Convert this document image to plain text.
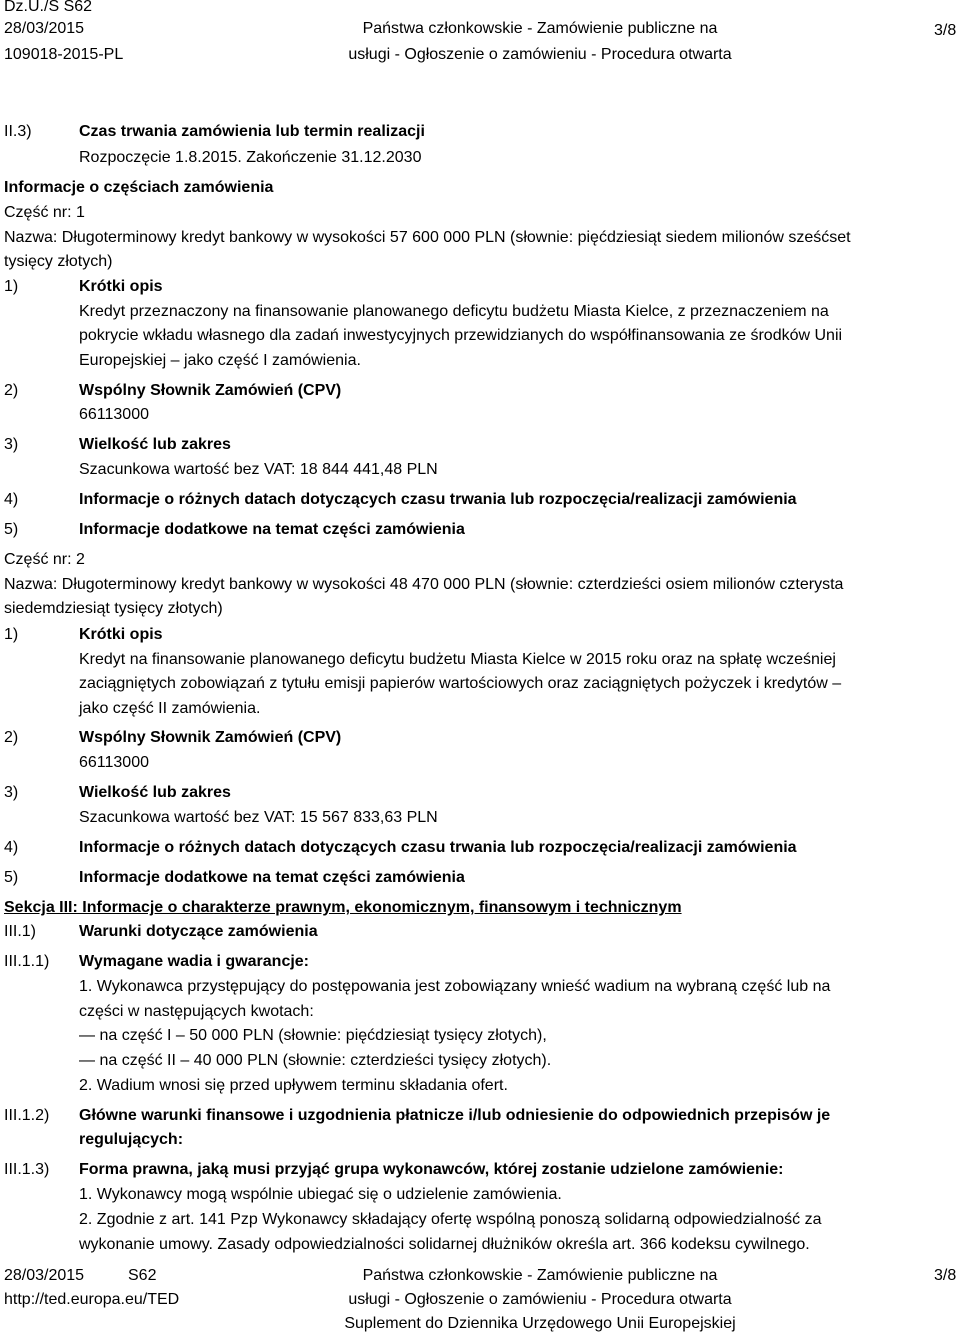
Dz.U./S S62
28/03/2015
109018-2015-PL
Państwa członkowskie - Zamówienie publiczne na
usługi - Ogłoszenie o zamówieniu - Procedura otwarta
3/8
II.3)	Czas trwania zamówienia lub termin realizacji
Rozpoczęcie 1.8.2015. Zakończenie 31.12.2030
Informacje o częściach zamówienia
Część nr: 1
Nazwa: Długoterminowy kredyt bankowy w wysokości 57 600 000 PLN (słownie: pięćdziesiąt siedem milionów sześćset
tysięcy złotych)
1)	Krótki opis
Kredyt przeznaczony na finansowanie planowanego deficytu budżetu Miasta Kielce, z przeznaczeniem na
pokrycie wkładu własnego dla zadań inwestycyjnych przewidzianych do współfinansowania ze środków Unii
Europejskiej – jako część I zamówienia.
2)	Wspólny Słownik Zamówień (CPV)
66113000
3)	Wielkość lub zakres
Szacunkowa wartość bez VAT: 18 844 441,48 PLN
4)	Informacje o różnych datach dotyczących czasu trwania lub rozpoczęcia/realizacji zamówienia
5)	Informacje dodatkowe na temat części zamówienia
Część nr: 2
Nazwa: Długoterminowy kredyt bankowy w wysokości 48 470 000 PLN (słownie: czterdzieści osiem milionów czterysta
siedemdziesiąt tysięcy złotych)
1)	Krótki opis
Kredyt na finansowanie planowanego deficytu budżetu Miasta Kielce w 2015 roku oraz na spłatę wcześniej
zaciągniętych zobowiązań z tytułu emisji papierów wartościowych oraz zaciągniętych pożyczek i kredytów –
jako część II zamówienia.
2)	Wspólny Słownik Zamówień (CPV)
66113000
3)	Wielkość lub zakres
Szacunkowa wartość bez VAT: 15 567 833,63 PLN
4)	Informacje o różnych datach dotyczących czasu trwania lub rozpoczęcia/realizacji zamówienia
5)	Informacje dodatkowe na temat części zamówienia
Sekcja III: Informacje o charakterze prawnym, ekonomicznym, finansowym i technicznym
III.1)	Warunki dotyczące zamówienia
III.1.1) Wymagane wadia i gwarancje:
1. Wykonawca przystępujący do postępowania jest zobowiązany wnieść wadium na wybraną część lub na
części w następujących kwotach:
— na część I – 50 000 PLN (słownie: pięćdziesiąt tysięcy złotych),
— na część II – 40 000 PLN (słownie: czterdzieści tysięcy złotych).
2. Wadium wnosi się przed upływem terminu składania ofert.
III.1.2) Główne warunki finansowe i uzgodnienia płatnicze i/lub odniesienie do odpowiednich przepisów je
regulujących:
III.1.3) Forma prawna, jaką musi przyjąć grupa wykonawców, której zostanie udzielone zamówienie:
1. Wykonawcy mogą wspólnie ubiegać się o udzielenie zamówienia.
2. Zgodnie z art. 141 Pzp Wykonawcy składający ofertę wspólną ponoszą solidarną odpowiedzialność za
wykonanie umowy. Zasady odpowiedzialności solidarnej dłużników określa art. 366 kodeksu cywilnego.
28/03/2015	S62
http://ted.europa.eu/TED
Państwa członkowskie - Zamówienie publiczne na
usługi - Ogłoszenie o zamówieniu - Procedura otwarta
Suplement do Dziennika Urzędowego Unii Europejskiej
3/8
